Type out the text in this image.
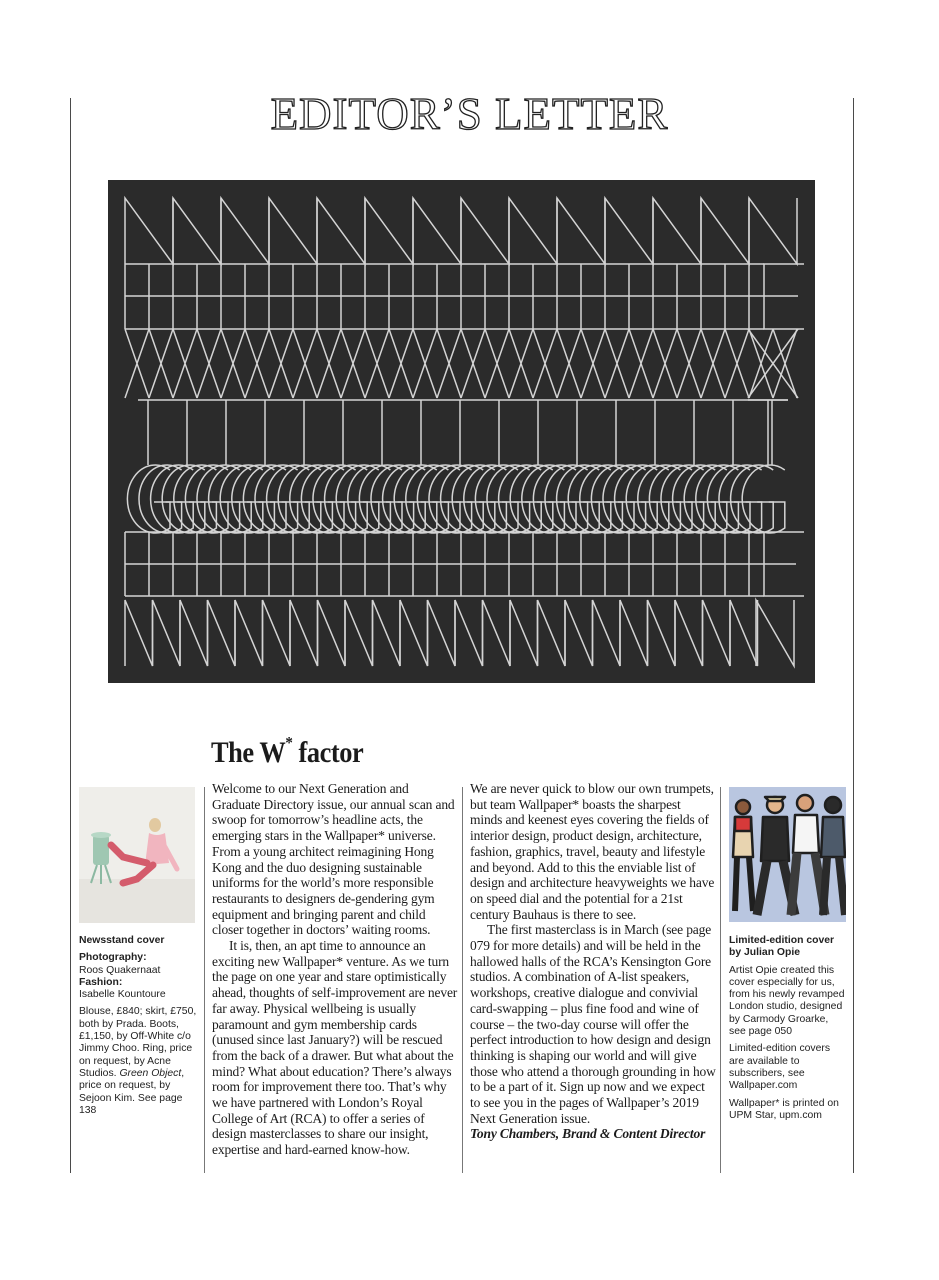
EDITOR’S LETTER
The W* factor

Newsstand cover

Photography:
Roos Quakernaat
Fashion:
Isabelle Kountoure

Blouse, £840; skirt, £750, both by Prada. Boots, £1,150, by Off-White c/o Jimmy Choo. Ring, price on request, by Acne Studios. Green Object, price on request, by Sejoon Kim. See page 138

Welcome to our Next Generation and Graduate Directory issue, our annual scan and swoop for tomorrow’s headline acts, the emerging stars in the Wallpaper* universe. From a young architect reimagining Hong Kong and the duo designing sustainable uniforms for the world’s more responsible restaurants to designers de-gendering gym equipment and bringing parent and child closer together in doctors’ waiting rooms.

It is, then, an apt time to announce an exciting new Wallpaper* venture. As we turn the page on one year and stare optimistically ahead, thoughts of self-improvement are never far away. Physical wellbeing is usually paramount and gym membership cards (unused since last January?) will be rescued from the back of a drawer. But what about the mind? What about education? There’s always room for improvement there too. That’s why we have partnered with London’s Royal College of Art (RCA) to offer a series of design masterclasses to share our insight, expertise and hard-earned know-how.

We are never quick to blow our own trumpets, but team Wallpaper* boasts the sharpest minds and keenest eyes covering the fields of interior design, product design, architecture, fashion, graphics, travel, beauty and lifestyle and beyond. Add to this the enviable list of design and architecture heavyweights we have on speed dial and the potential for a 21st century Bauhaus is there to see.

The first masterclass is in March (see page 079 for more details) and will be held in the hallowed halls of the RCA’s Kensington Gore studios. A combination of A-list speakers, workshops, creative dialogue and convivial card-swapping – plus fine food and wine of course – the two-day course will offer the perfect introduction to how design and design thinking is shaping our world and will give those who attend a thorough grounding in how to be a part of it. Sign up now and we expect to see you in the pages of Wallpaper’s 2019 Next Generation issue.

Tony Chambers, Brand & Content Director

Limited-edition cover by Julian Opie

Artist Opie created this cover especially for us, from his newly revamped London studio, designed by Carmody Groarke, see page 050

Limited-edition covers are available to subscribers, see Wallpaper.com

Wallpaper* is printed on UPM Star, upm.com
